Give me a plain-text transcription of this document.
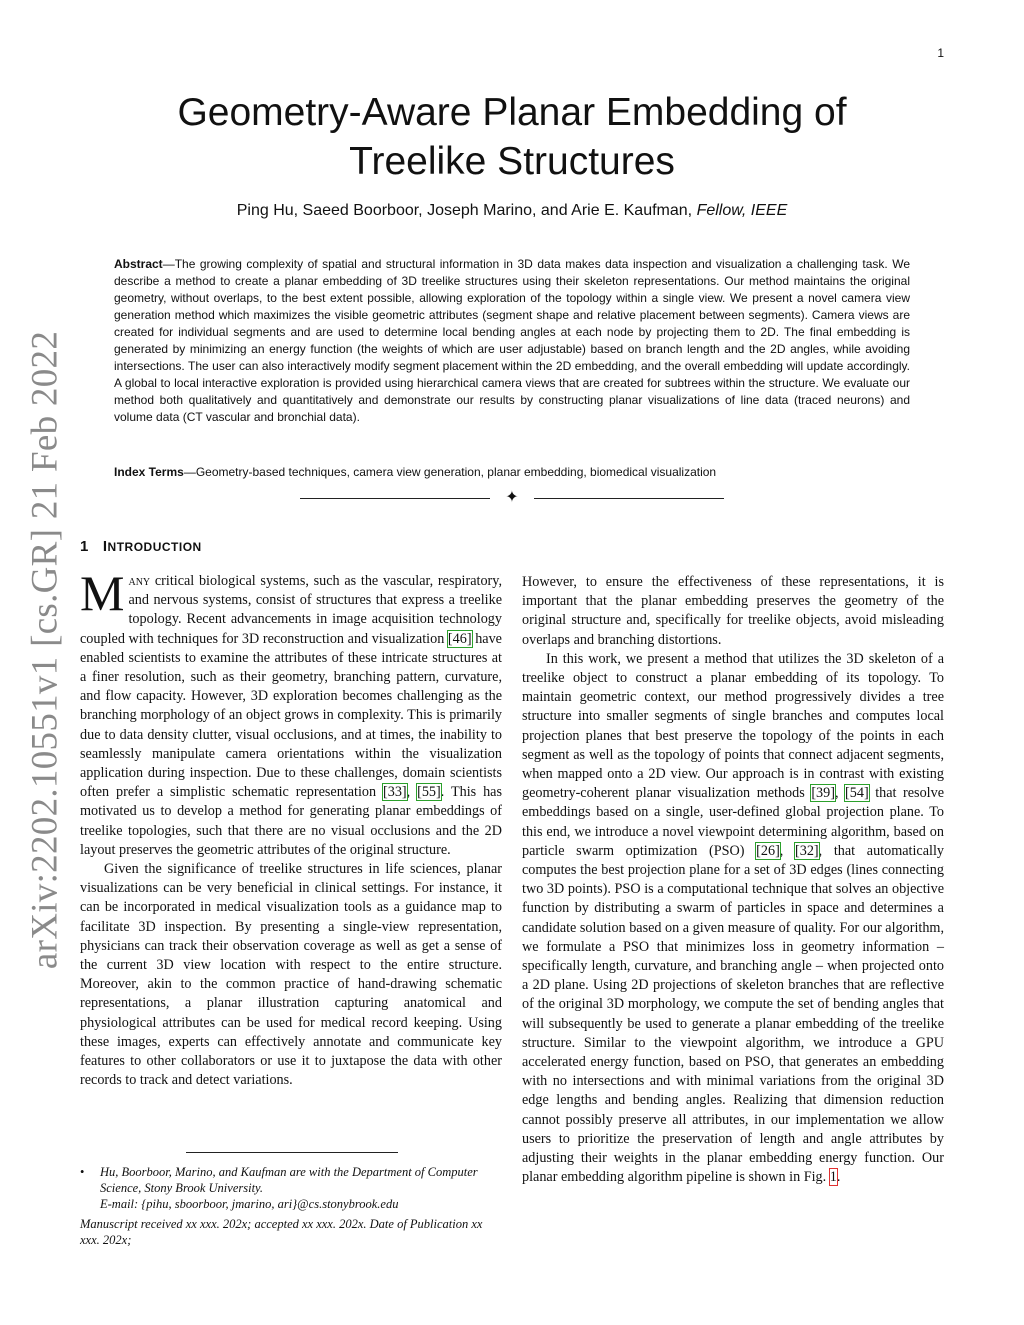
1
arXiv:2202.10551v1 [cs.GR] 21 Feb 2022
Geometry-Aware Planar Embedding of Treelike Structures
Ping Hu, Saeed Boorboor, Joseph Marino, and Arie E. Kaufman, Fellow, IEEE

Abstract—The growing complexity of spatial and structural information in 3D data makes data inspection and visualization a challenging task. We describe a method to create a planar embedding of 3D treelike structures using their skeleton representations. Our method maintains the original geometry, without overlaps, to the best extent possible, allowing exploration of the topology within a single view. We present a novel camera view generation method which maximizes the visible geometric attributes (segment shape and relative placement between segments). Camera views are created for individual segments and are used to determine local bending angles at each node by projecting them to 2D. The final embedding is generated by minimizing an energy function (the weights of which are user adjustable) based on branch length and the 2D angles, while avoiding intersections. The user can also interactively modify segment placement within the 2D embedding, and the overall embedding will update accordingly. A global to local interactive exploration is provided using hierarchical camera views that are created for subtrees within the structure. We evaluate our method both qualitatively and quantitatively and demonstrate our results by constructing planar visualizations of line data (traced neurons) and volume data (CT vascular and bronchial data).

Index Terms—Geometry-based techniques, camera view generation, planar embedding, biomedical visualization

✦
1 INTRODUCTION

Many critical biological systems, such as the vascular, respiratory, and nervous systems, consist of structures that express a treelike topology. Recent advancements in image acquisition technology coupled with techniques for 3D reconstruction and visualization [46] have enabled scientists to examine the attributes of these intricate structures at a finer resolution, such as their geometry, branching pattern, curvature, and flow capacity. However, 3D exploration becomes challenging as the branching morphology of an object grows in complexity. This is primarily due to data density clutter, visual occlusions, and at times, the inability to seamlessly manipulate camera orientations within the visualization application during inspection. Due to these challenges, domain scientists often prefer a simplistic schematic representation [33], [55]. This has motivated us to develop a method for generating planar embeddings of treelike topologies, such that there are no visual occlusions and the 2D layout preserves the geometric attributes of the original structure.

Given the significance of treelike structures in life sciences, planar visualizations can be very beneficial in clinical settings. For instance, it can be incorporated in medical visualization tools as a guidance map to facilitate 3D inspection. By presenting a single-view representation, physicians can track their observation coverage as well as get a sense of the current 3D view location with respect to the entire structure. Moreover, akin to the common practice of hand-drawing schematic representations, a planar illustration capturing anatomical and physiological attributes can be used for medical record keeping. Using these images, experts can effectively annotate and communicate key features to other collaborators or use it to juxtapose the data with other records to track and detect variations.

However, to ensure the effectiveness of these representations, it is important that the planar embedding preserves the geometry of the original structure and, specifically for treelike objects, avoid misleading overlaps and branching distortions.

In this work, we present a method that utilizes the 3D skeleton of a treelike object to construct a planar embedding of its topology. To maintain geometric context, our method progressively divides a tree structure into smaller segments of single branches and computes local projection planes that best preserve the topology of the points in each segment as well as the topology of points that connect adjacent segments, when mapped onto a 2D view. Our approach is in contrast with existing geometry-coherent planar visualization methods [39], [54] that resolve embeddings based on a single, user-defined global projection plane. To this end, we introduce a novel viewpoint determining algorithm, based on particle swarm optimization (PSO) [26], [32], that automatically computes the best projection plane for a set of 3D edges (lines connecting two 3D points). PSO is a computational technique that solves an objective function by distributing a swarm of particles in space and determines a candidate solution based on a given measure of quality. For our algorithm, we formulate a PSO that minimizes loss in geometry information – specifically length, curvature, and branching angle – when projected onto a 2D plane. Using 2D projections of skeleton branches that are reflective of the original 3D morphology, we compute the set of bending angles that will subsequently be used to generate a planar embedding of the treelike structure. Similar to the viewpoint algorithm, we introduce a GPU accelerated energy function, based on PSO, that generates an embedding with no intersections and with minimal variations from the original 3D edge lengths and bending angles. Realizing that dimension reduction cannot possibly preserve all attributes, in our implementation we allow users to prioritize the preservation of length and angle attributes by adjusting their weights in the planar embedding energy function. Our planar embedding algorithm pipeline is shown in Fig. 1.

• Hu, Boorboor, Marino, and Kaufman are with the Department of Computer Science, Stony Brook University.
E-mail: {pihu, sboorboor, jmarino, ari}@cs.stonybrook.edu
Manuscript received xx xxx. 202x; accepted xx xxx. 202x. Date of Publication xx xxx. 202x;
